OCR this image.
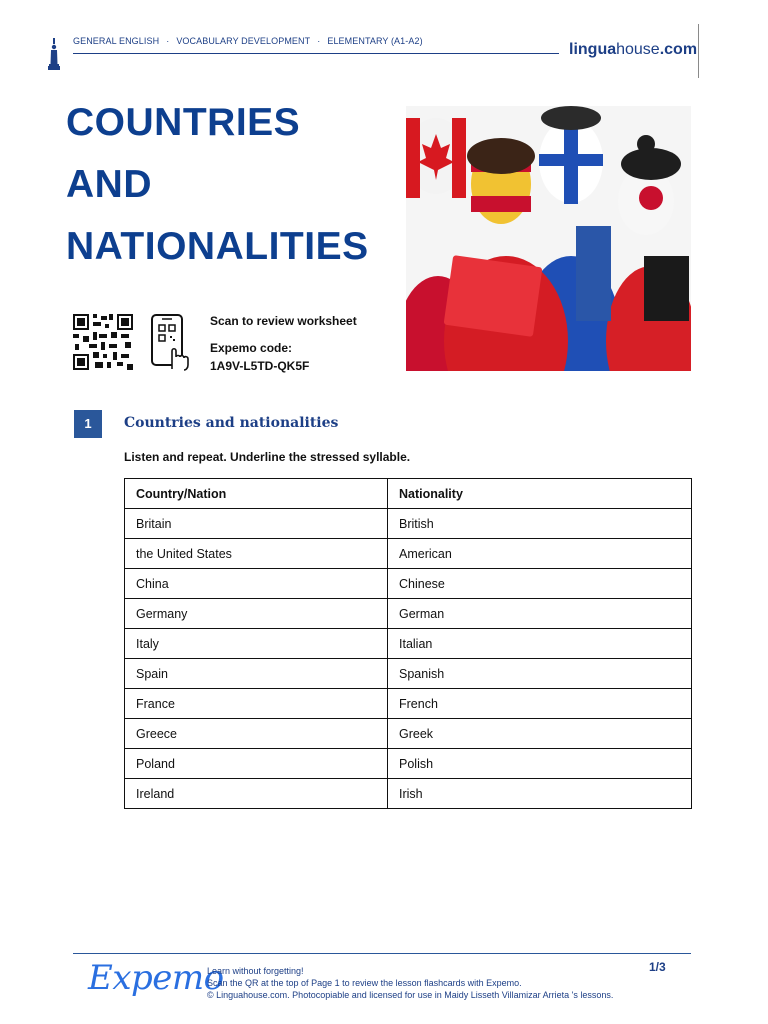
GENERAL ENGLISH · VOCABULARY DEVELOPMENT · ELEMENTARY (A1-A2)	linguahouse.com
COUNTRIES
AND
NATIONALITIES
Scan to review worksheet
Expemo code:
1A9V-L5TD-QK5F
1	Countries and nationalities
Listen and repeat. Underline the stressed syllable.
Country/Nation	Nationality
Britain	British
the United States	American
China	Chinese
Germany	German
Italy	Italian
Spain	Spanish
France	French
Greece	Greek
Poland	Polish
Ireland	Irish
Expemo
Learn without forgetting!
Scan the QR at the top of Page 1 to review the lesson flashcards with Expemo.
© Linguahouse.com. Photocopiable and licensed for use in Maidy Lisseth Villamizar Arrieta 's lessons.
1/3
